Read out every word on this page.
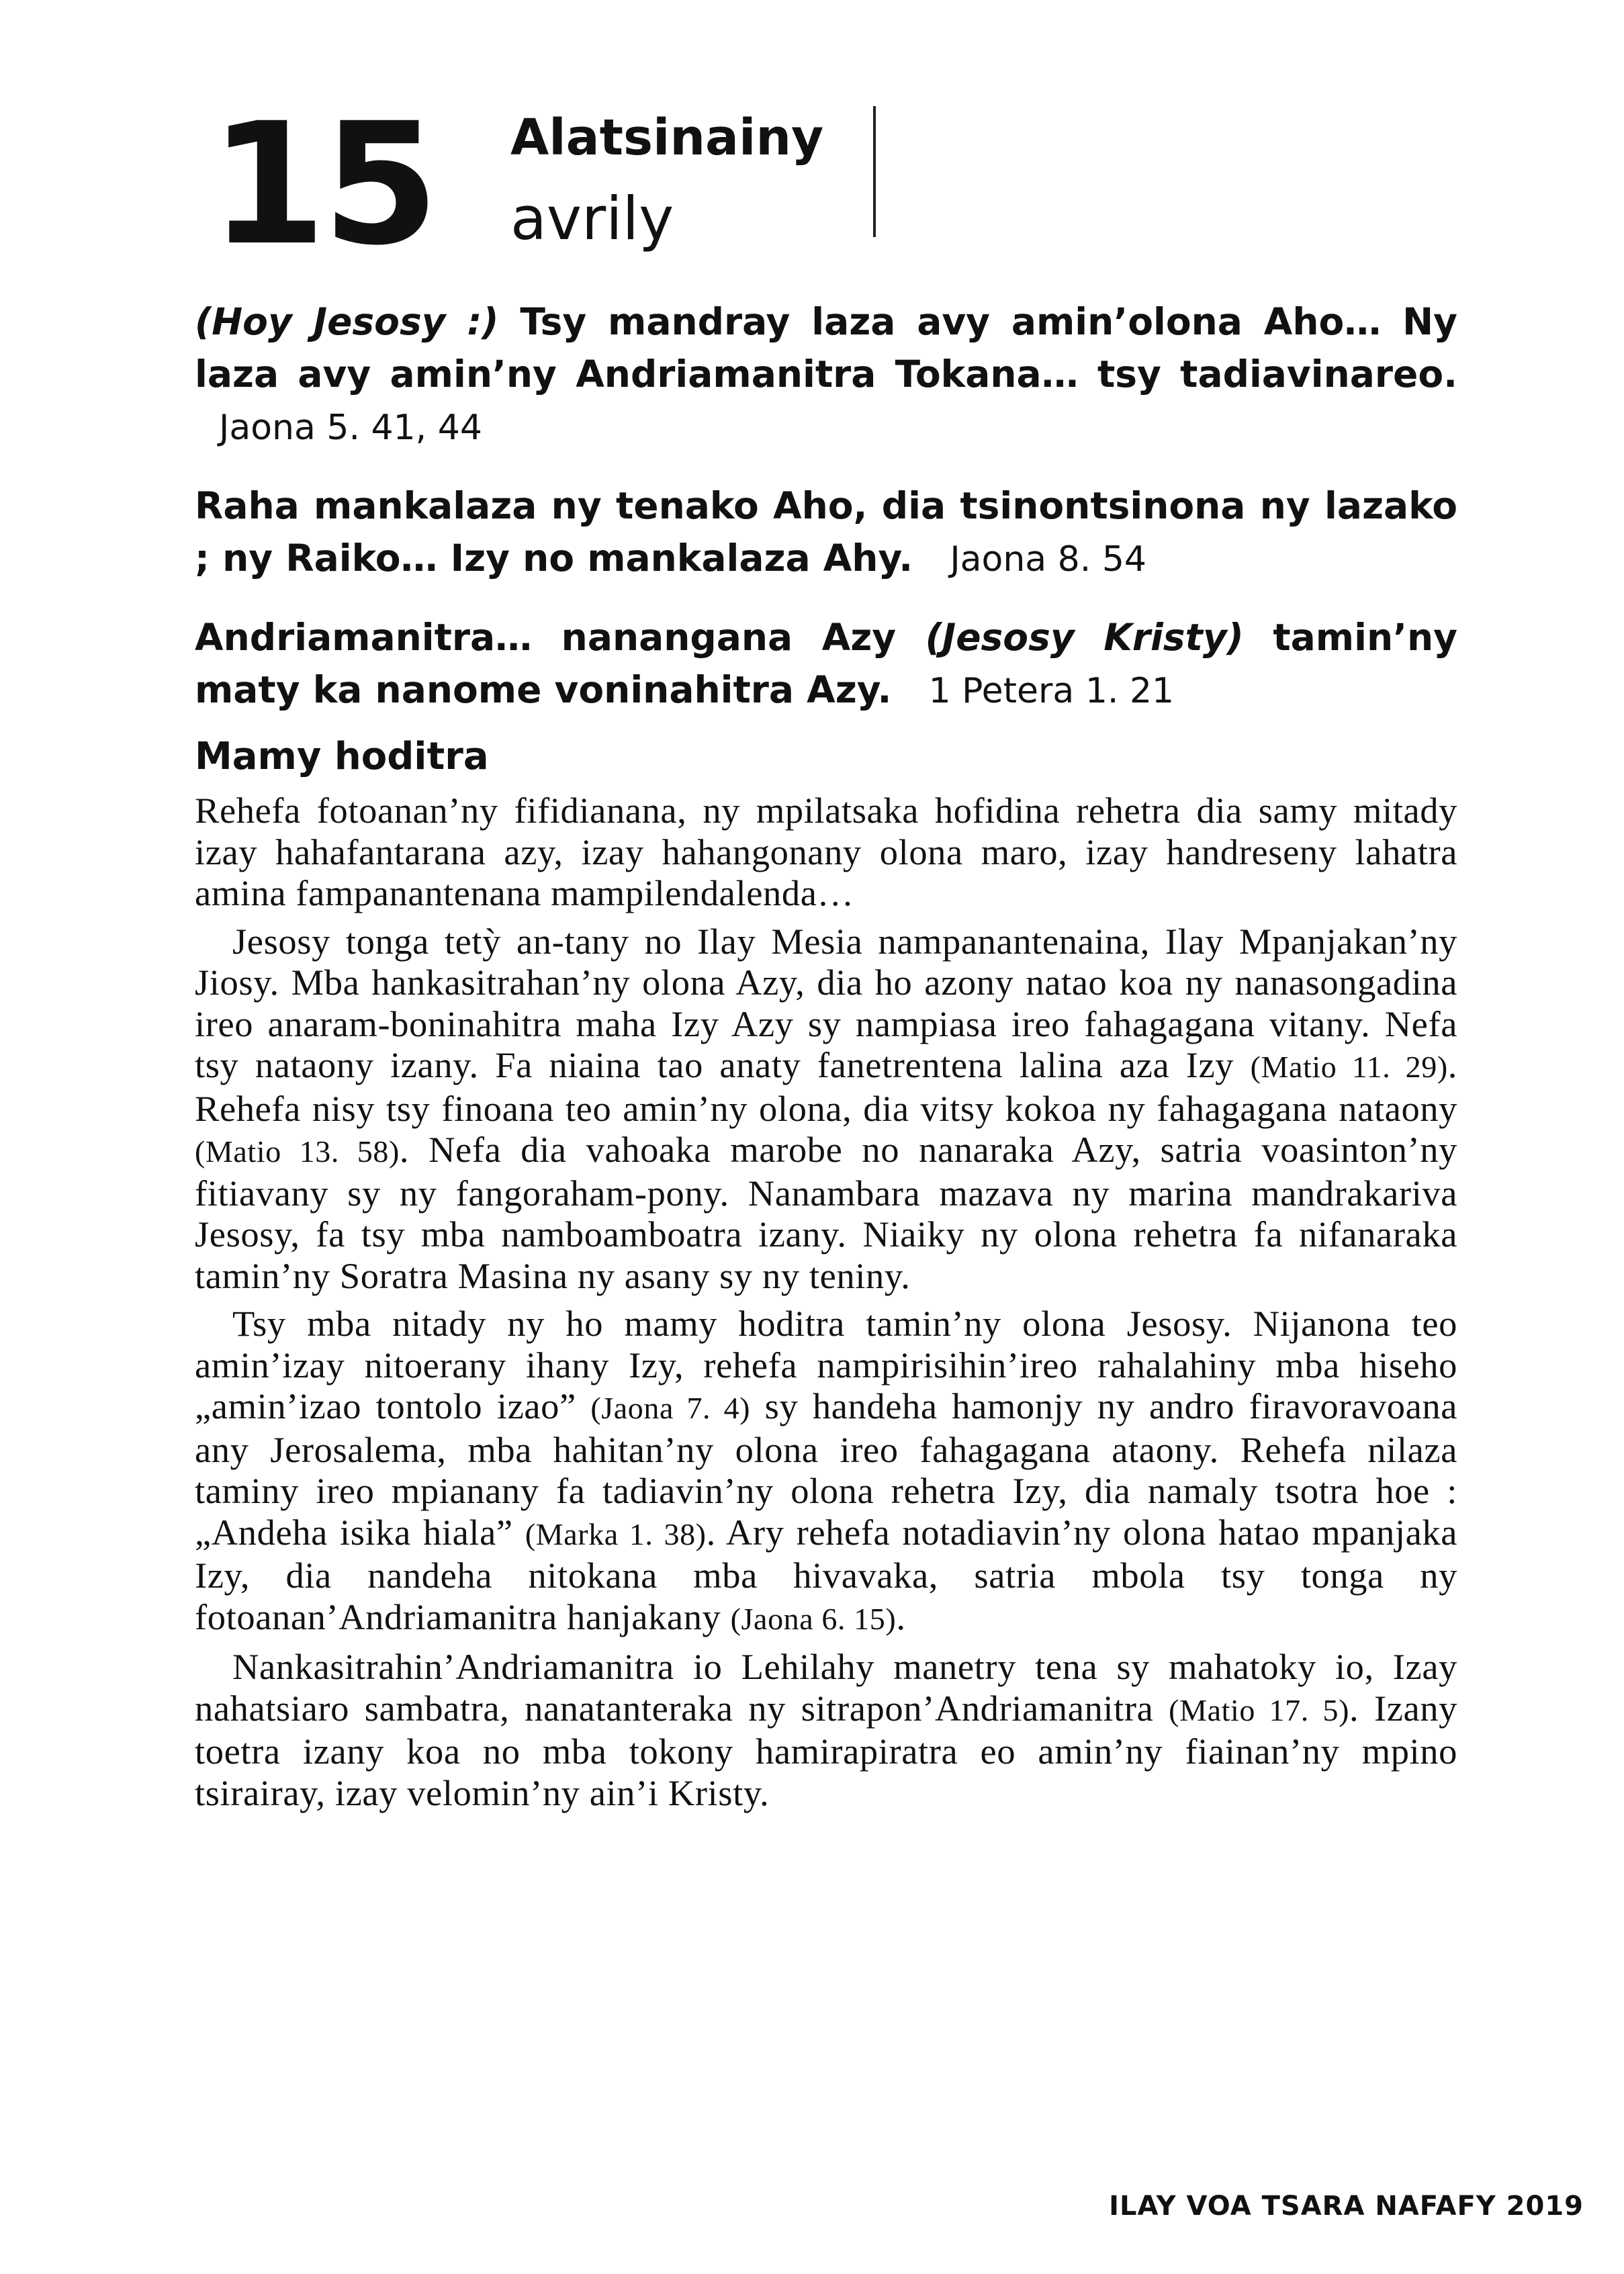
15 Alatsinainy
avrily

(Hoy Jesosy :) Tsy mandray laza avy amin’olona Aho… Ny laza avy amin’ny Andriamanitra Tokana… tsy tadiavinareo. Jaona 5. 41, 44

Raha mankalaza ny tenako Aho, dia tsinontsinona ny lazako ; ny Raiko… Izy no mankalaza Ahy. Jaona 8. 54

Andriamanitra… nanangana Azy (Jesosy Kristy) tamin’ny maty ka nanome voninahitra Azy. 1 Petera 1. 21

Mamy hoditra

Rehefa fotoanan’ny fifidianana, ny mpilatsaka hofidina rehetra dia samy mitady izay hahafantarana azy, izay hahangonany olona maro, izay handreseny lahatra amina fampanantenana mampilendalenda…

Jesosy tonga tetỳ an-tany no Ilay Mesia nampanantenaina, Ilay Mpanjakan’ny Jiosy. Mba hankasitrahan’ny olona Azy, dia ho azony natao koa ny nanasongadina ireo anaram-boninahitra maha Izy Azy sy nampiasa ireo fahagagana vitany. Nefa tsy nataony izany. Fa niaina tao anaty fanetrentena lalina aza Izy (Matio 11. 29). Rehefa nisy tsy finoana teo amin’ny olona, dia vitsy kokoa ny fahagagana nataony (Matio 13. 58). Nefa dia vahoaka marobe no nanaraka Azy, satria voasinton’ny fitiavany sy ny fangoraham-pony. Nanambara mazava ny marina mandrakariva Jesosy, fa tsy mba namboamboatra izany. Niaiky ny olona rehetra fa nifanaraka tamin’ny Soratra Masina ny asany sy ny teniny.

Tsy mba nitady ny ho mamy hoditra tamin’ny olona Jesosy. Nijanona teo amin’izay nitoerany ihany Izy, rehefa nampirisihin’ireo rahalahiny mba hiseho „amin’izao tontolo izao” (Jaona 7. 4) sy handeha hamonjy ny andro firavoravoana any Jerosalema, mba hahitan’ny olona ireo fahagagana ataony. Rehefa nilaza taminy ireo mpianany fa tadiavin’ny olona rehetra Izy, dia namaly tsotra hoe : „Andeha isika hiala” (Marka 1. 38). Ary rehefa notadiavin’ny olona hatao mpanjaka Izy, dia nandeha nitokana mba hivavaka, satria mbola tsy tonga ny fotoanan’Andriamanitra hanjakany (Jaona 6. 15).

Nankasitrahin’Andriamanitra io Lehilahy manetry tena sy mahatoky io, Izay nahatsiaro sambatra, nanatanteraka ny sitrapon’Andriamanitra (Matio 17. 5). Izany toetra izany koa no mba tokony hamirapiratra eo amin’ny fiainan’ny mpino tsirairay, izay velomin’ny ain’i Kristy.

ILAY VOA TSARA NAFAFY 2019
